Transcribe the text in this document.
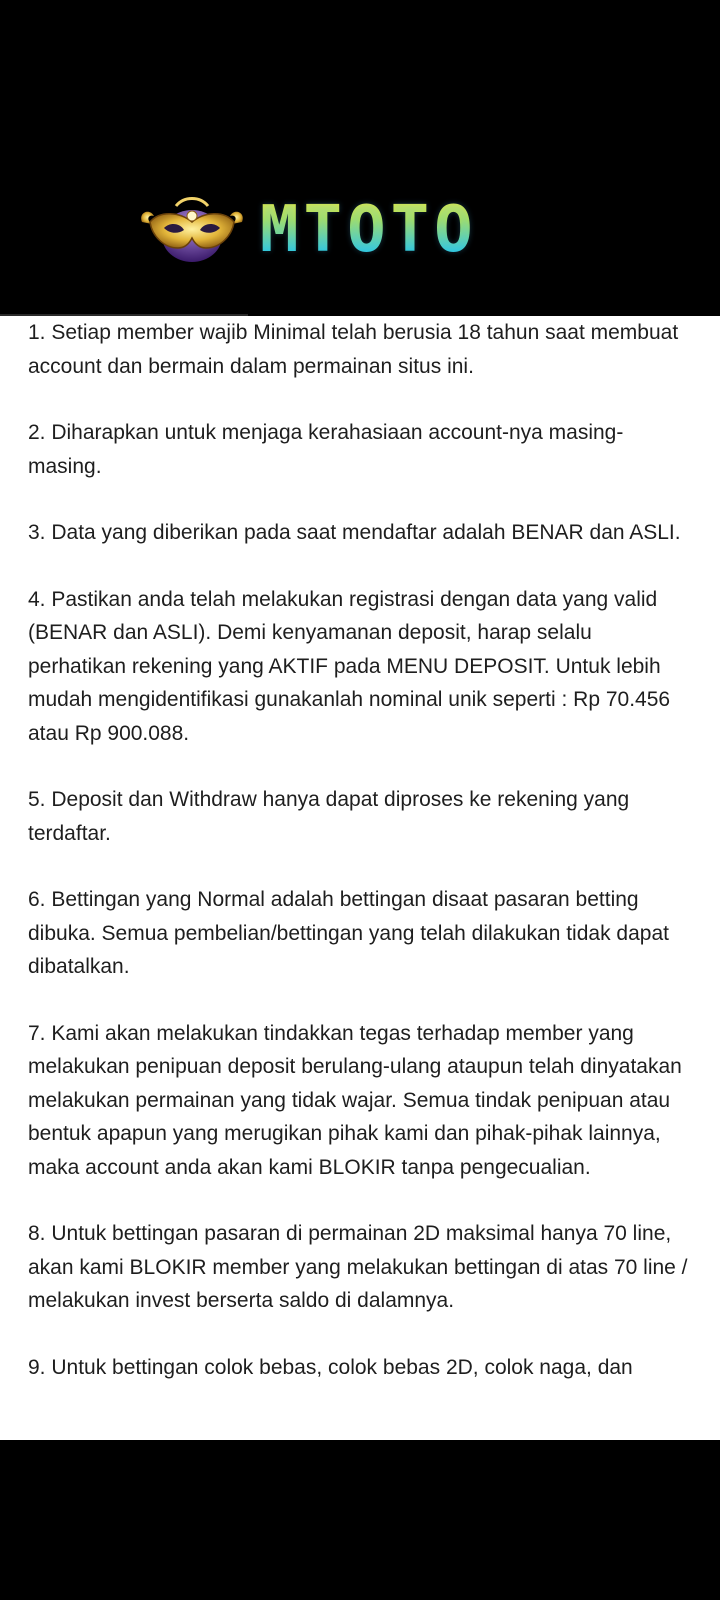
MTOTO

1. Setiap member wajib Minimal telah berusia 18 tahun saat membuat account dan bermain dalam permainan situs ini.

2. Diharapkan untuk menjaga kerahasiaan account-nya masing-masing.

3. Data yang diberikan pada saat mendaftar adalah BENAR dan ASLI.

4. Pastikan anda telah melakukan registrasi dengan data yang valid (BENAR dan ASLI). Demi kenyamanan deposit, harap selalu perhatikan rekening yang AKTIF pada MENU DEPOSIT. Untuk lebih mudah mengidentifikasi gunakanlah nominal unik seperti : Rp 70.456 atau Rp 900.088.

5. Deposit dan Withdraw hanya dapat diproses ke rekening yang terdaftar.

6. Bettingan yang Normal adalah bettingan disaat pasaran betting dibuka. Semua pembelian/bettingan yang telah dilakukan tidak dapat dibatalkan.

7. Kami akan melakukan tindakkan tegas terhadap member yang melakukan penipuan deposit berulang-ulang ataupun telah dinyatakan melakukan permainan yang tidak wajar. Semua tindak penipuan atau bentuk apapun yang merugikan pihak kami dan pihak-pihak lainnya, maka account anda akan kami BLOKIR tanpa pengecualian.

8. Untuk bettingan pasaran di permainan 2D maksimal hanya 70 line, akan kami BLOKIR member yang melakukan bettingan di atas 70 line / melakukan invest berserta saldo di dalamnya.

9. Untuk bettingan colok bebas, colok bebas 2D, colok naga, dan
